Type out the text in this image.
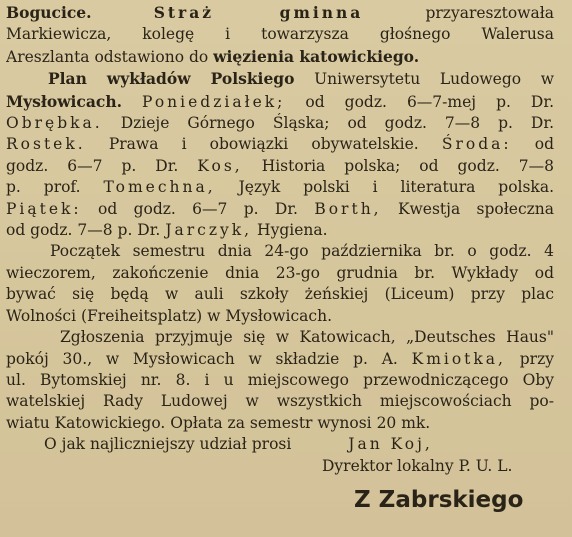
Bogucice.	Straż gminna	przyaresztowała
Markiewicza, kolegę i towarzysza głośnego Walerusa
Areszlanta odstawiono do więzienia katowickiego.
Plan wykładów Polskiego Uniwersytetu Ludowego w
Mysłowicach. Poniedziałek; od godz. 6—7-mej p. Dr.
Obrębka. Dzieje Górnego Śląska; od godz. 7—8 p. Dr.
Rostek. Prawa i obowiązki obywatelskie. Środa: od
godz. 6—7 p. Dr. Kos, Historia polska; od godz. 7—8
p. prof. Tomechna, Język polski i literatura polska.
Piątek: od godz. 6—7 p. Dr. Borth, Kwestja społeczna
od godz. 7—8 p. Dr. Jarczyk, Hygiena.
Początek semestru dnia 24-go października br. o godz. 4
wieczorem, zakończenie dnia 23-go grudnia br. Wykłady od
bywać się będą w auli szkoły żeńskiej (Liceum) przy plac
Wolności (Freiheitsplatz) w Mysłowicach.
Zgłoszenia przyjmuje się w Katowicach, „Deutsches Haus"
pokój 30., w Mysłowicach w składzie p. A. Kmiotka, przy
ul. Bytomskiej nr. 8. i u miejscowego przewodniczącego Oby
watelskiej Rady Ludowej w wszystkich miejscowościach po-
wiatu Katowickiego. Opłata za semestr wynosi 20 mk.
O jak najliczniejszy udział prosi	Jan Koj,
Dyrektor lokalny P. U. L.
Z Zabrskiego
